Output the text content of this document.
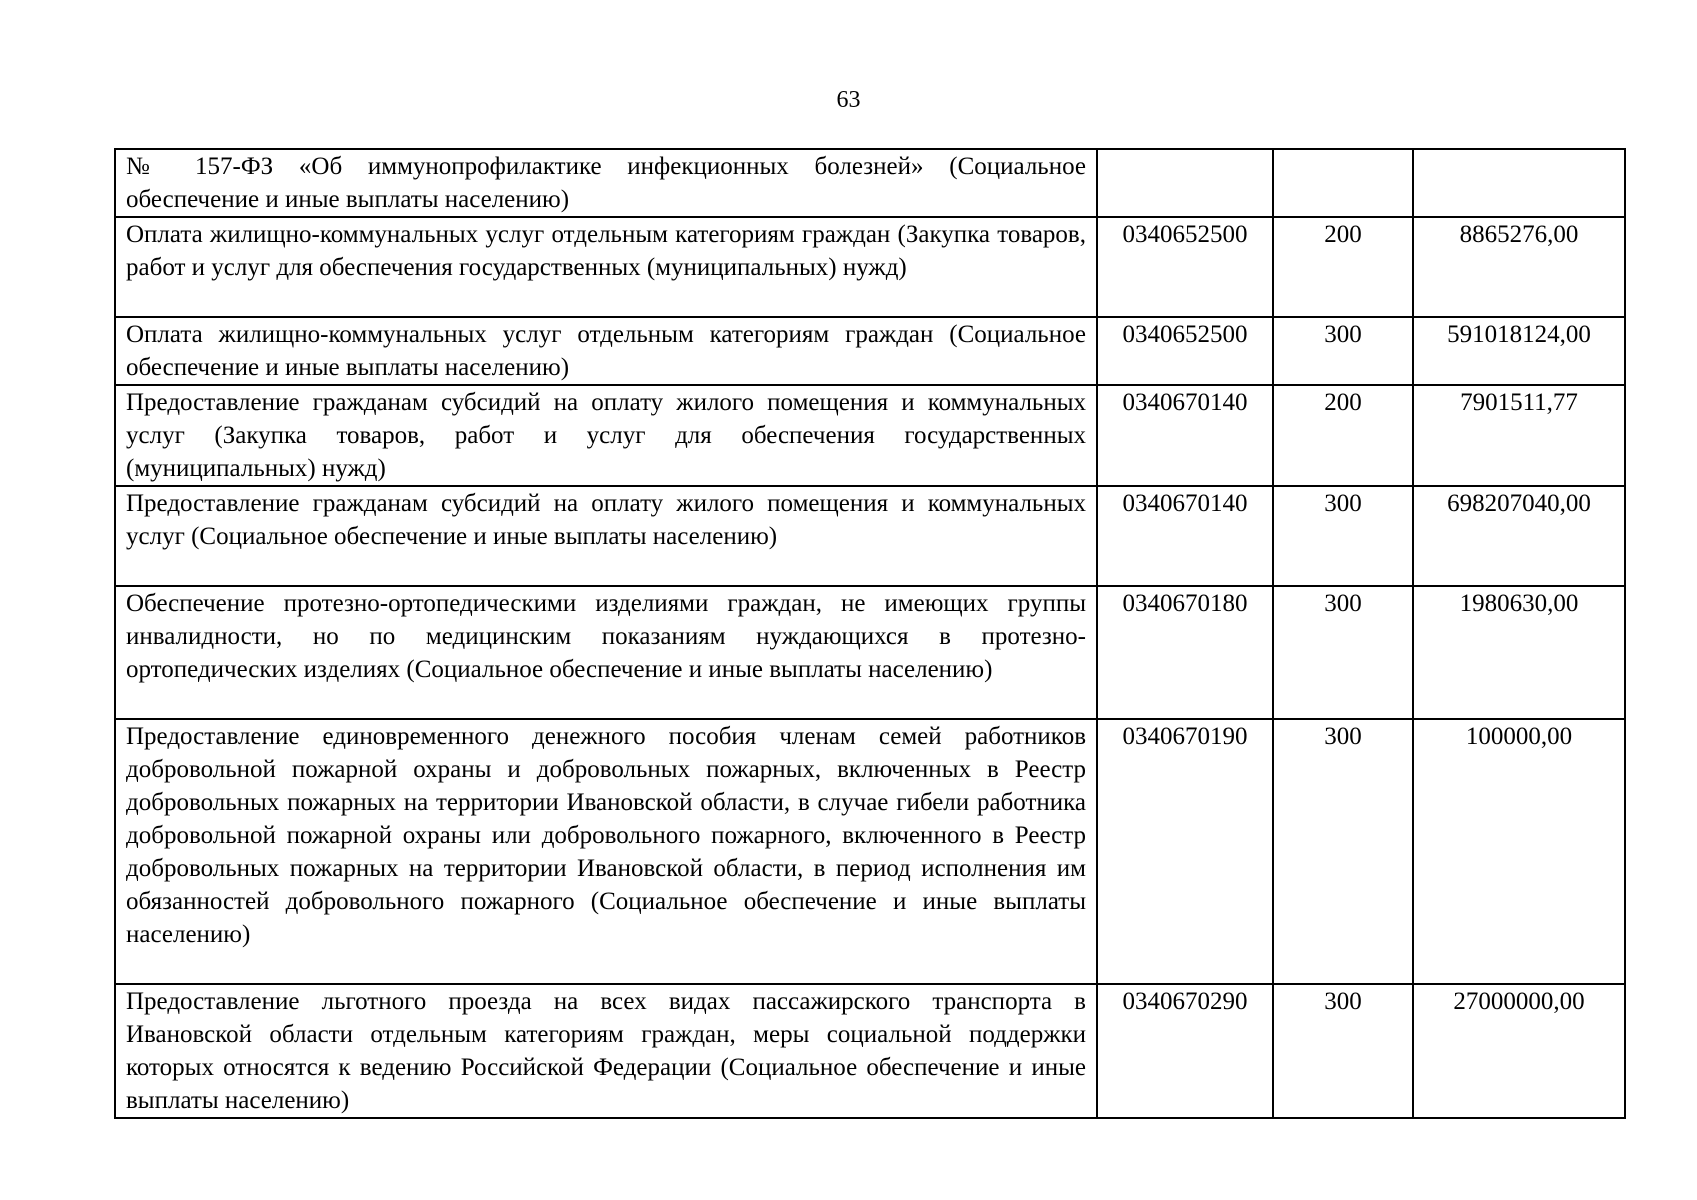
63
№ 157-ФЗ «Об иммунопрофилактике инфекционных болезней» (Социальное обеспечение и иные выплаты населению)			
Оплата жилищно-коммунальных услуг отдельным категориям граждан (Закупка товаров, работ и услуг для обеспечения государственных (муниципальных) нужд)	0340652500	200	8865276,00
Оплата жилищно-коммунальных услуг отдельным категориям граждан (Социальное обеспечение и иные выплаты населению)	0340652500	300	591018124,00
Предоставление гражданам субсидий на оплату жилого помещения и коммунальных услуг (Закупка товаров, работ и услуг для обеспечения государственных (муниципальных) нужд)	0340670140	200	7901511,77
Предоставление гражданам субсидий на оплату жилого помещения и коммунальных услуг (Социальное обеспечение и иные выплаты населению)	0340670140	300	698207040,00
Обеспечение протезно-ортопедическими изделиями граждан, не имеющих группы инвалидности, но по медицинским показаниям нуждающихся в протезно-ортопедических изделиях (Социальное обеспечение и иные выплаты населению)	0340670180	300	1980630,00
Предоставление единовременного денежного пособия членам семей работников добровольной пожарной охраны и добровольных пожарных, включенных в Реестр добровольных пожарных на территории Ивановской области, в случае гибели работника добровольной пожарной охраны или добровольного пожарного, включенного в Реестр добровольных пожарных на территории Ивановской области, в период исполнения им обязанностей добровольного пожарного (Социальное обеспечение и иные выплаты населению)	0340670190	300	100000,00
Предоставление льготного проезда на всех видах пассажирского транспорта в Ивановской области отдельным категориям граждан, меры социальной поддержки которых относятся к ведению Российской Федерации (Социальное обеспечение и иные выплаты населению)	0340670290	300	27000000,00
